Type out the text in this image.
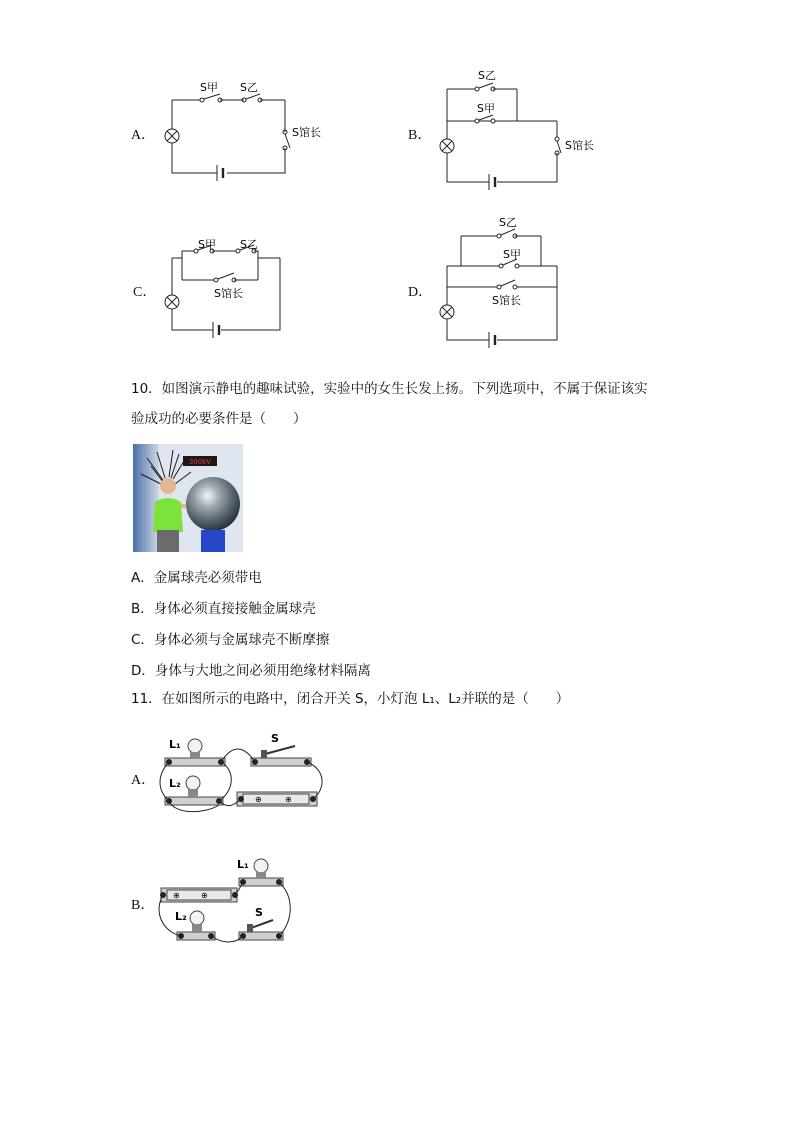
A．
S甲 S乙
S馆长	B．
S乙
S甲
S馆长
C．
S甲 S乙
S馆长	D．
S乙
S甲
S馆长
10．如图演示静电的趣味试验，实验中的女生长发上扬。下列选项中，不属于保证该实
验成功的必要条件是（　　）
300kV
A．金属球壳必须带电
B．身体必须直接接触金属球壳
C．身体必须与金属球壳不断摩擦
D．身体与大地之间必须用绝缘材料隔离
11．在如图所示的电路中，闭合开关 S，小灯泡 L₁、L₂并联的是（　　）
A．
⊕	⊕
L₁
L₂
S
B．
⊕	⊕
L₁
L₂	S
